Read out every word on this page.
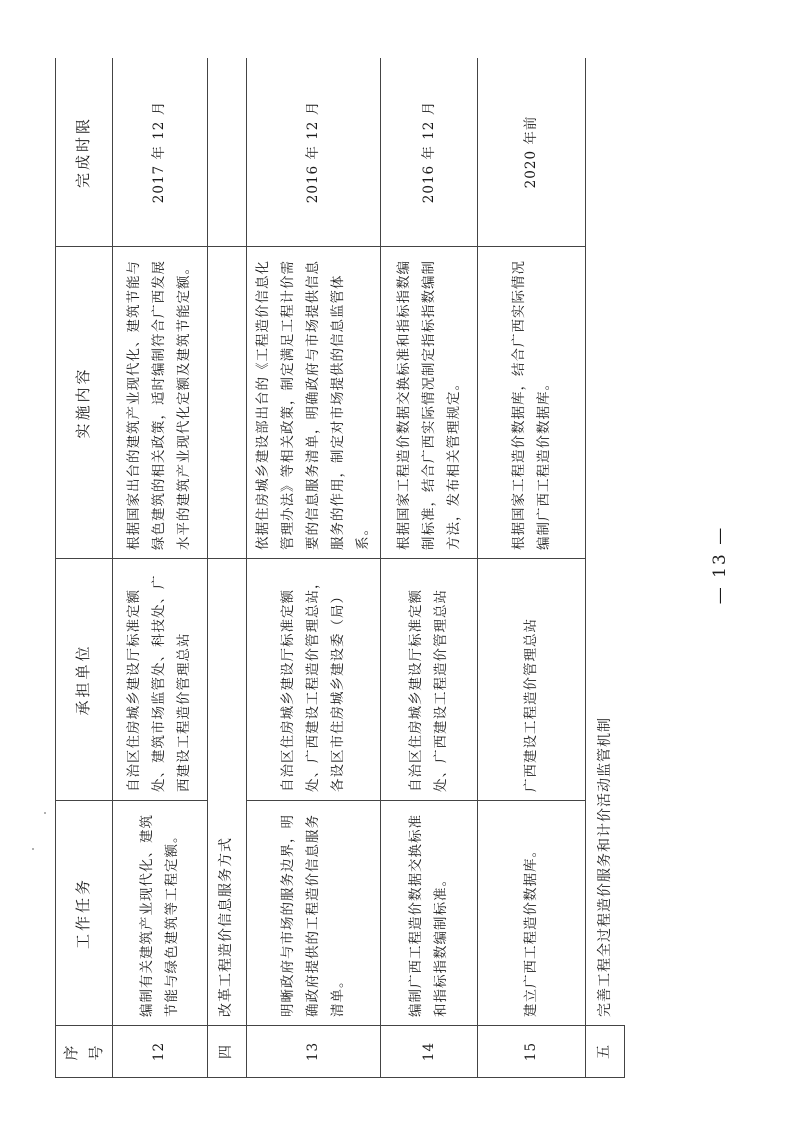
序号	工作任务	承担单位	实施内容	完成时限
12	编制有关建筑产业现代化、建筑节能与绿色建筑等工程定额。	自治区住房城乡建设厅标准定额处、建筑市场监管处、科技处、广西建设工程造价管理总站	根据国家出台的建筑产业现代化、建筑节能与绿色建筑的相关政策，适时编制符合广西发展水平的建筑产业现代化定额及建筑节能定额。	2017 年 12 月
四	改革工程造价信息服务方式			
13	明晰政府与市场的服务边界，明确政府提供的工程造价信息服务清单。	自治区住房城乡建设厅标准定额处、广西建设工程造价管理总站，各设区市住房城乡建设委（局）	依据住房城乡建设部出台的《工程造价信息化管理办法》等相关政策，制定满足工程计价需要的信息服务清单，明确政府与市场提供信息服务的作用，制定对市场提供的信息监管体系。	2016 年 12 月
14	编制广西工程造价数据交换标准和指标指数编制标准。	自治区住房城乡建设厅标准定额处、广西建设工程造价管理总站	根据国家工程造价数据交换标准和指标指数编制标准，结合广西实际情况制定指标指数编制方法，发布相关管理规定。	2016 年 12 月
15	建立广西工程造价数据库。	广西建设工程造价管理总站	根据国家工程造价数据库，结合广西实际情况编制广西工程造价数据库。	2020 年前
五	完善工程全过程造价服务和计价活动监管机制			
— 13 —
